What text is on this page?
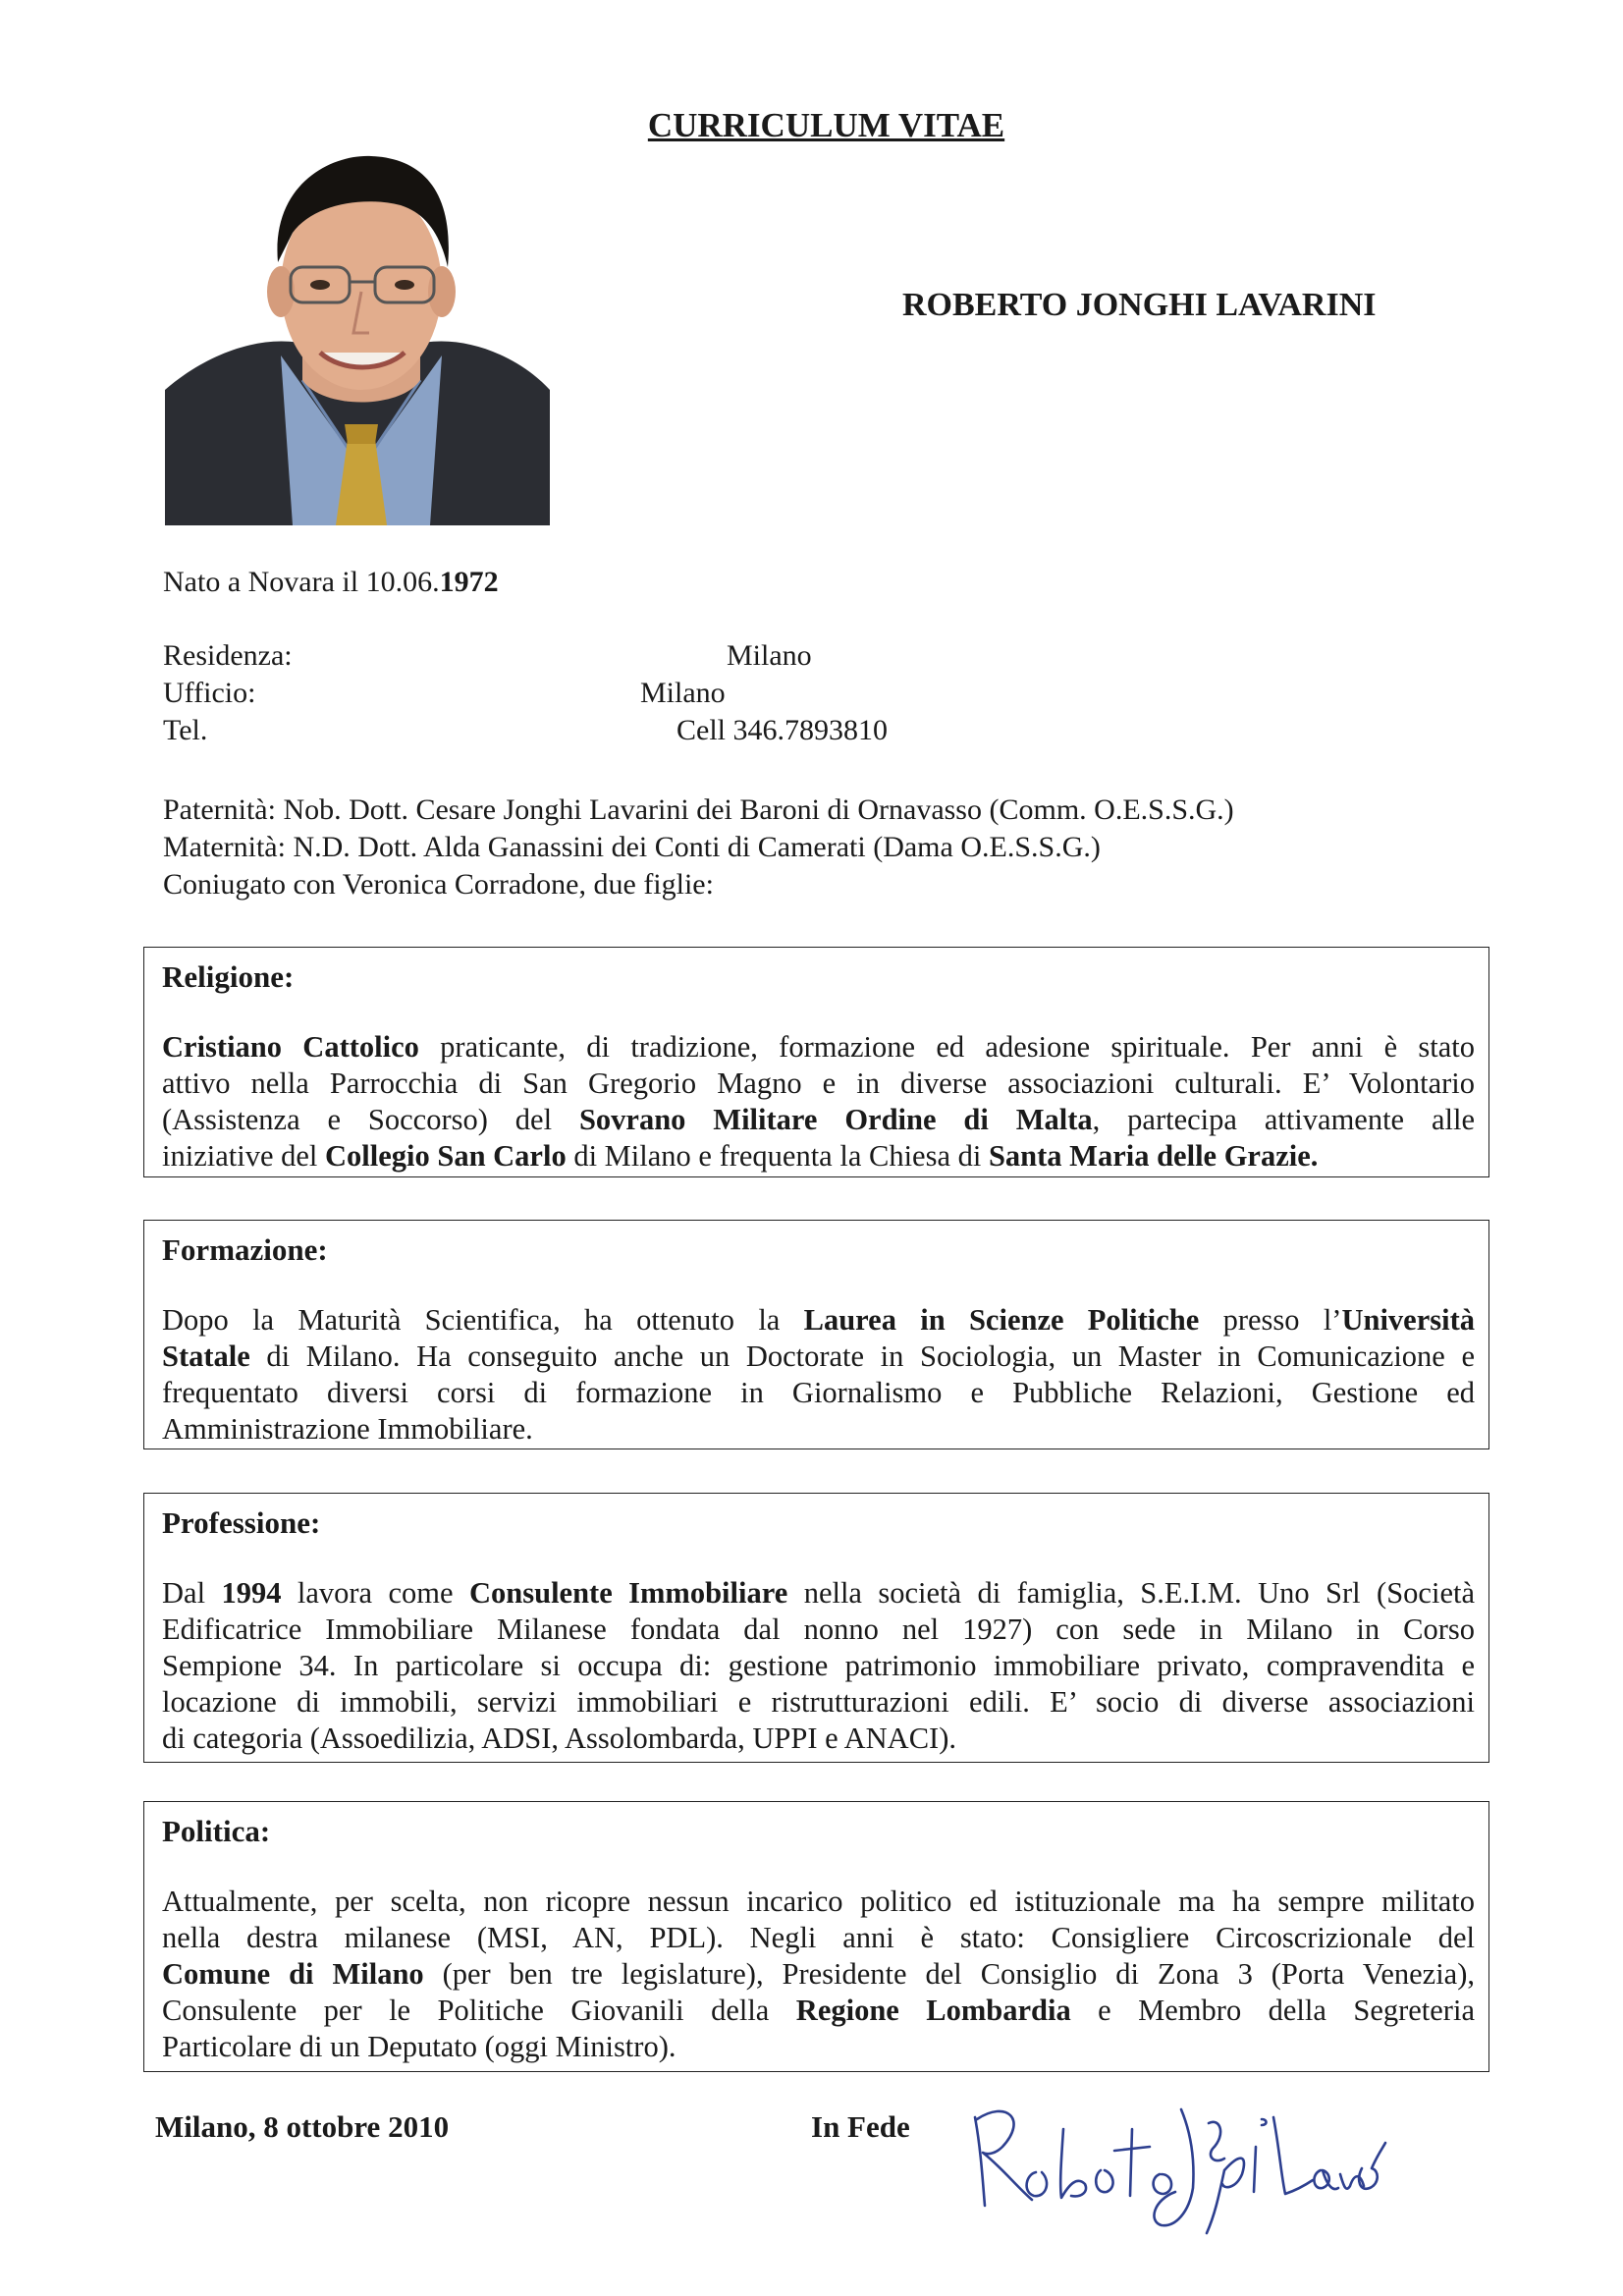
CURRICULUM VITAE
ROBERTO JONGHI LAVARINI
Nato a Novara il 10.06.1972
Residenza:	Milano
Ufficio:	Milano
Tel.	Cell 346.7893810
Paternità: Nob. Dott. Cesare Jonghi Lavarini dei Baroni di Ornavasso (Comm. O.E.S.S.G.)
Maternità: N.D. Dott. Alda Ganassini dei Conti di Camerati (Dama O.E.S.S.G.)
Coniugato con Veronica Corradone, due figlie:
Religione:
Cristiano Cattolico praticante, di tradizione, formazione ed adesione spirituale. Per anni è stato
attivo nella Parrocchia di San Gregorio Magno e in diverse associazioni culturali. E’ Volontario
(Assistenza e Soccorso) del Sovrano Militare Ordine di Malta, partecipa attivamente alle
iniziative del Collegio San Carlo di Milano e frequenta la Chiesa di Santa Maria delle Grazie.
Formazione:
Dopo la Maturità Scientifica, ha ottenuto la Laurea in Scienze Politiche presso l’Università
Statale di Milano. Ha conseguito anche un Doctorate in Sociologia, un Master in Comunicazione e
frequentato diversi corsi di formazione in Giornalismo e Pubbliche Relazioni, Gestione ed
Amministrazione Immobiliare.
Professione:
Dal 1994 lavora come Consulente Immobiliare nella società di famiglia, S.E.I.M. Uno Srl (Società
Edificatrice Immobiliare Milanese fondata dal nonno nel 1927) con sede in Milano in Corso
Sempione 34. In particolare si occupa di: gestione patrimonio immobiliare privato, compravendita e
locazione di immobili, servizi immobiliari e ristrutturazioni edili. E’ socio di diverse associazioni
di categoria (Assoedilizia, ADSI, Assolombarda, UPPI e ANACI).
Politica:
Attualmente, per scelta, non ricopre nessun incarico politico ed istituzionale ma ha sempre militato
nella destra milanese (MSI, AN, PDL). Negli anni è stato: Consigliere Circoscrizionale del
Comune di Milano (per ben tre legislature), Presidente del Consiglio di Zona 3 (Porta Venezia),
Consulente per le Politiche Giovanili della Regione Lombardia e Membro della Segreteria
Particolare di un Deputato (oggi Ministro).
Milano, 8 ottobre 2010	In Fede
